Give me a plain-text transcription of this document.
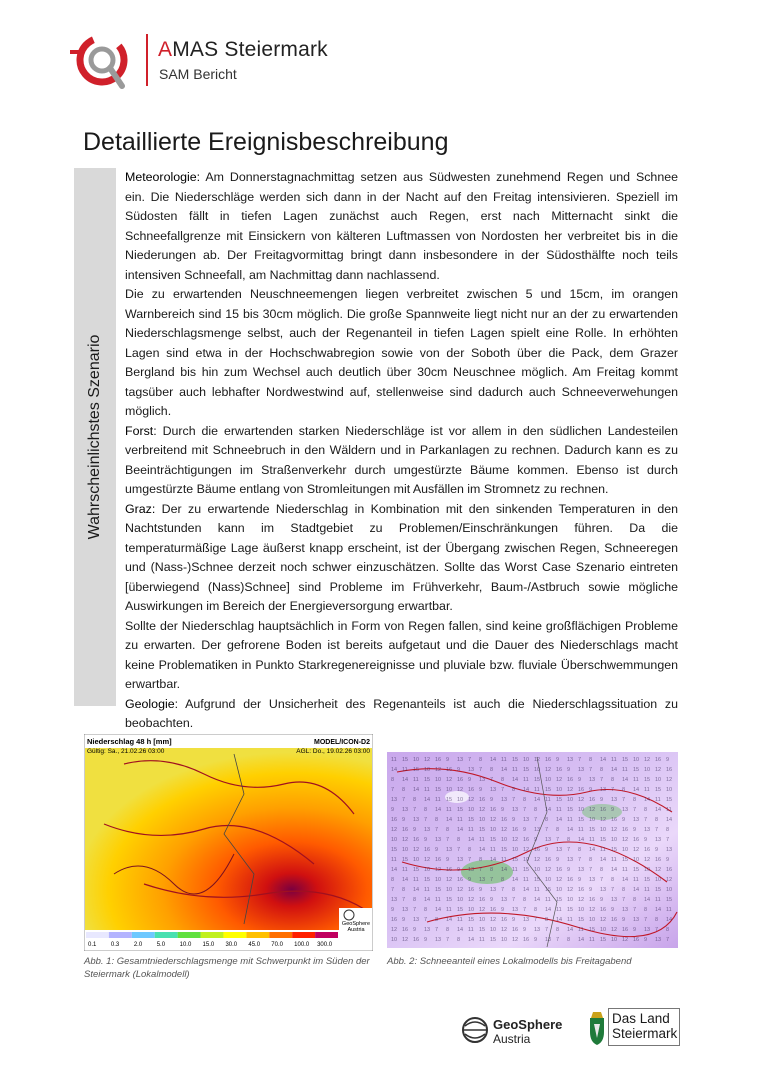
AMAS Steiermark
SAM Bericht
Detaillierte Ereignisbeschreibung
Wahrscheinlichstes Szenario

Meteorologie: Am Donnerstagnachmittag setzen aus Südwesten zunehmend Regen und Schnee ein. Die Niederschläge werden sich dann in der Nacht auf den Freitag intensivieren. Speziell im Südosten fällt in tiefen Lagen zunächst auch Regen, erst nach Mitternacht sinkt die Schneefallgrenze mit Einsickern von kälteren Luftmassen von Nordosten her verbreitet bis in die Niederungen ab. Der Freitagvormittag bringt dann insbesondere in der Südosthälfte noch teils intensiven Schneefall, am Nachmittag dann nachlassend.

Die zu erwartenden Neuschneemengen liegen verbreitet zwischen 5 und 15cm, im orangen Warnbereich sind 15 bis 30cm möglich. Die große Spannweite liegt nicht nur an der zu erwartenden Niederschlagsmenge selbst, auch der Regenanteil in tiefen Lagen spielt eine Rolle. In erhöhten Lagen sind etwa in der Hochschwabregion sowie von der Soboth über die Pack, dem Grazer Bergland bis hin zum Wechsel auch deutlich über 30cm Neuschnee möglich. Am Freitag kommt tagsüber auch lebhafter Nordwestwind auf, stellenweise sind dadurch auch Schneeverwehungen möglich.

Forst: Durch die erwartenden starken Niederschläge ist vor allem in den südlichen Landesteilen verbreitend mit Schneebruch in den Wäldern und in Parkanlagen zu rechnen. Dadurch kann es zu Beeinträchtigungen im Straßenverkehr durch umgestürzte Bäume kommen. Ebenso ist durch umgestürzte Bäume entlang von Stromleitungen mit Ausfällen im Stromnetz zu rechnen.

Graz: Der zu erwartende Niederschlag in Kombination mit den sinkenden Temperaturen in den Nachtstunden kann im Stadtgebiet zu Problemen/Einschränkungen führen. Da die temperaturmäßige Lage äußerst knapp erscheint, ist der Übergang zwischen Regen, Schneeregen und (Nass-)Schnee derzeit noch schwer einzuschätzen. Sollte das Worst Case Szenario eintreten [überwiegend (Nass)Schnee] sind Probleme im Frühverkehr, Baum-/Astbruch sowie mögliche Auswirkungen im Bereich der Energieversorgung erwartbar.

Sollte der Niederschlag hauptsächlich in Form von Regen fallen, sind keine großflächigen Probleme zu erwarten. Der gefrorene Boden ist bereits aufgetaut und die Dauer des Niederschlags macht keine Problematiken in Punkto Starkregenereignisse und pluviale bzw. fluviale Überschwemmungen erwartbar.

Geologie: Aufgrund der Unsicherheit des Regenanteils ist auch die Niederschlagssituation zu beobachten.

Niederschlag 48 h [mm]
Gültig: Sa., 21.02.26 03:00
MODEL/ICON-D2
AGL: Do., 19.02.26 03:00
GeoSphere
Austria
0.1 0.3 2.0 5.0 10.0 15.0 30.0 45.0 70.0 100.0 300.0
Abb. 1: Gesamtniederschlagsmenge mit Schwerpunkt im Süden der Steiermark (Lokalmodell)
11 15 10 12 16 9 13 7 8 14 11 15 10 12 16 9 13 7 8 14 11 15 10 12 16 9
14 11 15 10 12 16 9 13 7 8 14 11 15 10 12 16 9 13 7 8 14 11 15 10 12 16
8 14 11 15 10 12 16 9 13 7 8 14 11 15 10 12 16 9 13 7 8 14 11 15 10 12
7 8 14 11 15 10 12 16 9 13 7 8 14 11 15 10 12 16 9 13 7 8 14 11 15 10
13 7 8 14 11 15 10 12 16 9 13 7 8 14 11 15 10 12 16 9 13 7 8 14 11 15
9 13 7 8 14 11 15 10 12 16 9 13 7 8 14 11 15 10 12 16 9 13 7 8 14 11
16 9 13 7 8 14 11 15 10 12 16 9 13 7 8 14 11 15 10 12 16 9 13 7 8 14
12 16 9 13 7 8 14 11 15 10 12 16 9 13 7 8 14 11 15 10 12 16 9 13 7 8
10 12 16 9 13 7 8 14 11 15 10 12 16 9 13 7 8 14 11 15 10 12 16 9 13 7
15 10 12 16 9 13 7 8 14 11 15 10 12 16 9 13 7 8 14 11 15 10 12 16 9 13
11 15 10 12 16 9 13 7 8 14 11 15 10 12 16 9 13 7 8 14 11 15 10 12 16 9
14 11 15 10 12 16 9 13 7 8 14 11 15 10 12 16 9 13 7 8 14 11 15 10 12 16
8 14 11 15 10 12 16 9 13 7 8 14 11 15 10 12 16 9 13 7 8 14 11 15 10 12
7 8 14 11 15 10 12 16 9 13 7 8 14 11 15 10 12 16 9 13 7 8 14 11 15 10
13 7 8 14 11 15 10 12 16 9 13 7 8 14 11 15 10 12 16 9 13 7 8 14 11 15
9 13 7 8 14 11 15 10 12 16 9 13 7 8 14 11 15 10 12 16 9 13 7 8 14 11
16 9 13 7 8 14 11 15 10 12 16 9 13 7 8 14 11 15 10 12 16 9 13 7 8 14
12 16 9 13 7 8 14 11 15 10 12 16 9 13 7 8 14 11 15 10 12 16 9 13 7 8
10 12 16 9 13 7 8 14 11 15 10 12 16 9 13 7 8 14 11 15 10 12 16 9 13 7
Abb. 2: Schneeanteil eines Lokalmodells bis Freitagabend
GeoSphere
Austria
Das Land
Steiermark
